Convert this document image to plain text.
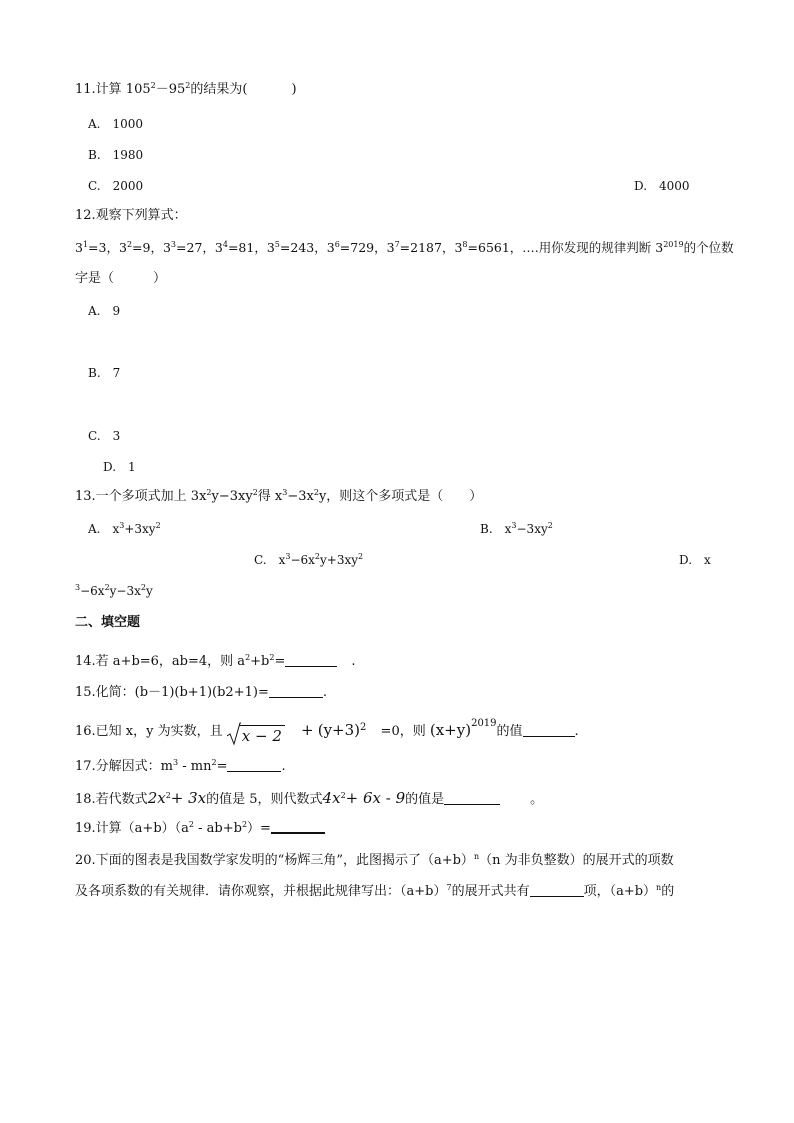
11.计算 $105^2-95^2$的结果为(	)
A.　1000
B.　1980
C.　2000	D.　4000
12.观察下列算式：
$3^1=3$，$3^2=9$，$3^3=27$，$3^4=81$，$3^5=243$，$3^6=729$，$3^7=2187$，$3^8=6561$，….用你发现的规律判断 $3^{2019}$的个位数
字是（　　　）
A.　9
B.　7
C.　3
D.　1
13.一个多项式加上 $3x^2y-3xy^2$得 $x^3-3x^2y$，则这个多项式是（　　）
A.　$x^3+3xy^2$	B.　$x^3-3xy^2$
C.　$x^3-6x^2y+3xy^2$	D.　x
$^3-6x^2y-3x^2y$
二、填空题
14.若 a+b=6，ab=4，则 $a^2+b^2=$	.
15.化简：(b－1)(b+1)(b2+1)=	.
16.已知 x，y 为实数，且 $x - 2 + (y+3)^2 =0$，则 $(x+y)^{2019}$的值	.
17.分解因式：$m^3 - mn^2=$	.
18.若代数式$2x^2+ 3x$的值是 5，则代数式$4x^2+ 6x - 9$的值是	。
19.计算$(a+b)(a^2 - ab+b^2)=$
20.下面的图表是我国数学家发明的“杨辉三角”，此图揭示了$(a+b)^n(n$ 为非负整数）的展开式的项数
及各项系数的有关规律．请你观察，并根据此规律写出：$(a+b)^7$的展开式共有	项，$(a+b)^n$的
